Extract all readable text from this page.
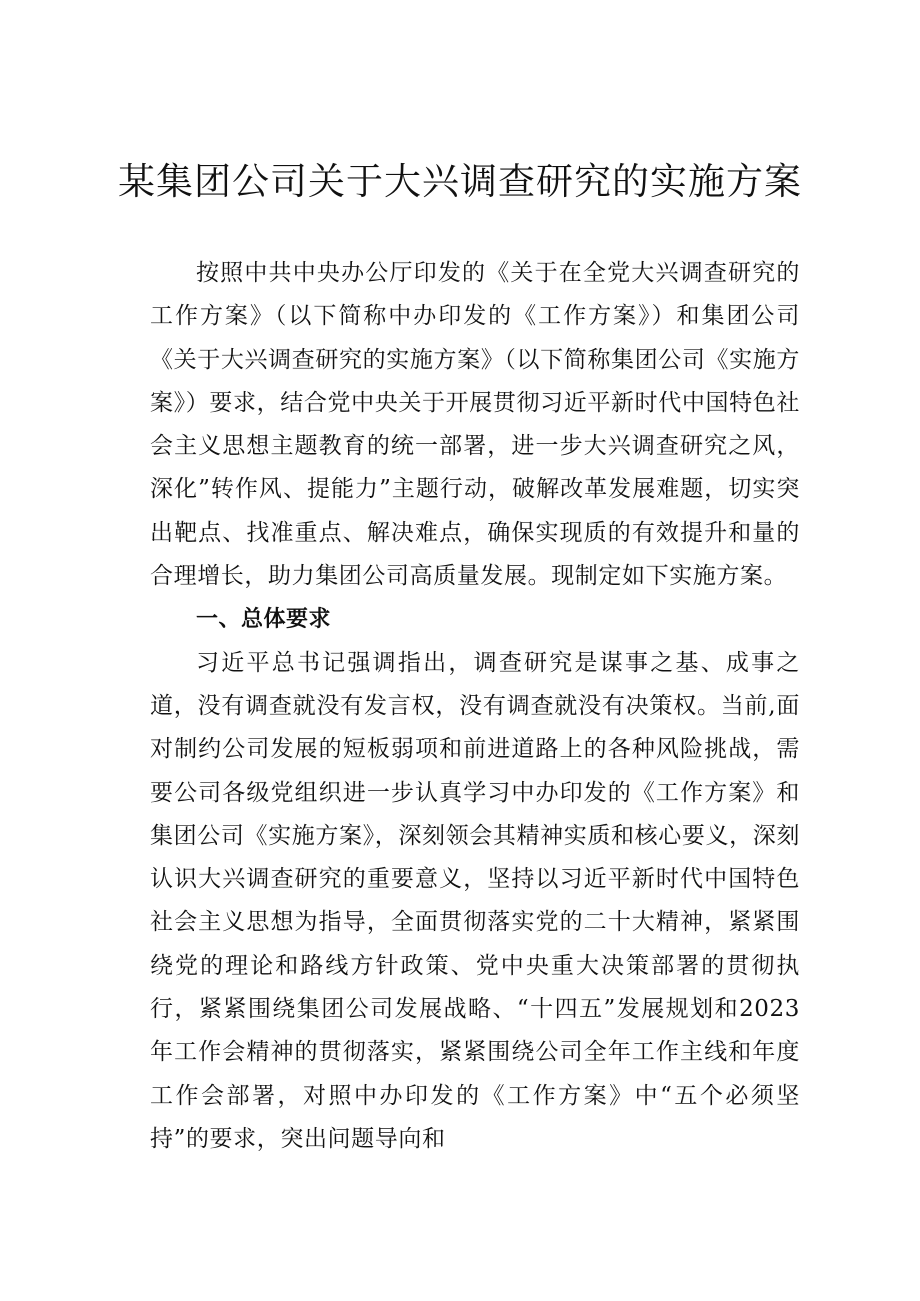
某集团公司关于大兴调查研究的实施方案

按照中共中央办公厅印发的《关于在全党大兴调查研究的工作方案》（以下简称中办印发的《工作方案》）和集团公司《关于大兴调查研究的实施方案》（以下简称集团公司《实施方案》）要求，结合党中央关于开展贯彻习近平新时代中国特色社会主义思想主题教育的统一部署，进一步大兴调查研究之风，深化”转作风、提能力”主题行动，破解改革发展难题，切实突出靶点、找准重点、解决难点，确保实现质的有效提升和量的合理增长，助力集团公司高质量发展。现制定如下实施方案。

一、总体要求

习近平总书记强调指出，调查研究是谋事之基、成事之道，没有调查就没有发言权，没有调查就没有决策权。当前,面对制约公司发展的短板弱项和前进道路上的各种风险挑战，需要公司各级党组织进一步认真学习中办印发的《工作方案》和集团公司《实施方案》，深刻领会其精神实质和核心要义，深刻认识大兴调查研究的重要意义，坚持以习近平新时代中国特色社会主义思想为指导，全面贯彻落实党的二十大精神，紧紧围绕党的理论和路线方针政策、党中央重大决策部署的贯彻执行，紧紧围绕集团公司发展战略、“十四五”发展规划和2023年工作会精神的贯彻落实，紧紧围绕公司全年工作主线和年度工作会部署，对照中办印发的《工作方案》中“五个必须坚持”的要求，突出问题导向和
